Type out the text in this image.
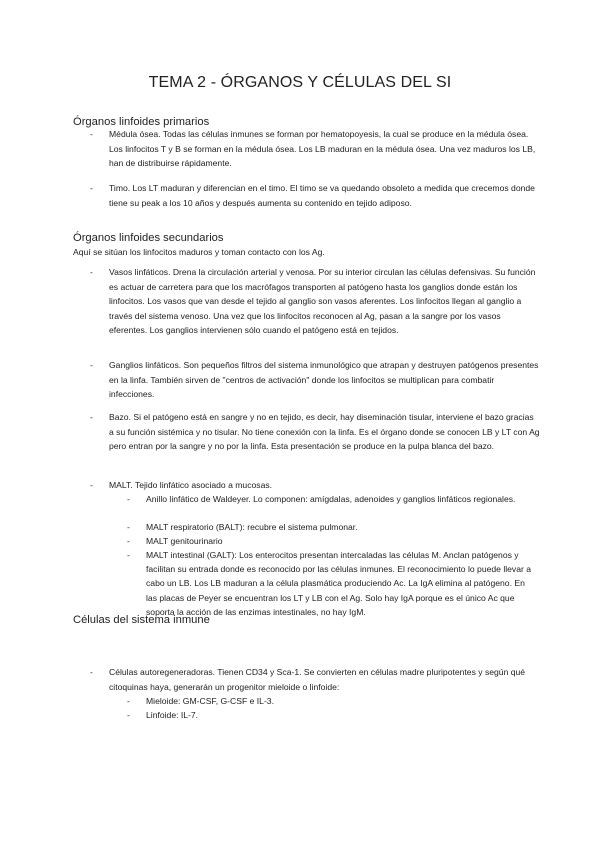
TEMA 2 - ÓRGANOS Y CÉLULAS DEL SI
Órganos linfoides primarios
-	Médula ósea. Todas las células inmunes se forman por hematopoyesis, la cual se produce en la médula ósea. Los linfocitos T y B se forman en la médula ósea. Los LB maduran en la médula ósea. Una vez maduros los LB, han de distribuirse rápidamente.
-	Timo. Los LT maduran y diferencian en el timo. El timo se va quedando obsoleto a medida que crecemos donde tiene su peak a los 10 años y después aumenta su contenido en tejido adiposo.
Órganos linfoides secundarios
Aquí se sitúan los linfocitos maduros y toman contacto con los Ag.
-	Vasos linfáticos. Drena la circulación arterial y venosa. Por su interior circulan las células defensivas. Su función es actuar de carretera para que los macrófagos transporten al patógeno hasta los ganglios donde están los linfocitos. Los vasos que van desde el tejido al ganglio son vasos aferentes. Los linfocitos llegan al ganglio a través del sistema venoso. Una vez que los linfocitos reconocen al Ag, pasan a la sangre por los vasos eferentes. Los ganglios intervienen sólo cuando el patógeno está en tejidos.
-	Ganglios linfáticos. Son pequeños filtros del sistema inmunológico que atrapan y destruyen patógenos presentes en la linfa. También sirven de "centros de activación" donde los linfocitos se multiplican para combatir infecciones.
-	Bazo. Si el patógeno está en sangre y no en tejido, es decir, hay diseminación tisular, interviene el bazo gracias a su función sistémica y no tisular. No tiene conexión con la linfa. Es el órgano donde se conocen LB y LT con Ag pero entran por la sangre y no por la linfa. Esta presentación se produce en la pulpa blanca del bazo.
-	MALT. Tejido linfático asociado a mucosas.
- Anillo linfático de Waldeyer. Lo componen: amígdalas, adenoides y ganglios linfáticos regionales.
- MALT respiratorio (BALT): recubre el sistema pulmonar.
- MALT genitourinario
- MALT intestinal (GALT): Los enterocitos presentan intercaladas las células M. Anclan patógenos y facilitan su entrada donde es reconocido por las células inmunes. El reconocimiento lo puede llevar a cabo un LB. Los LB maduran a la célula plasmática produciendo Ac. La IgA elimina al patógeno. En las placas de Peyer se encuentran los LT y LB con el Ag. Solo hay IgA porque es el único Ac que soporta la acción de las enzimas intestinales, no hay IgM.
Células del sistema inmune
-	Células autoregeneradoras. Tienen CD34 y Sca-1. Se convierten en células madre pluripotentes y según qué citoquinas haya, generarán un progenitor mieloide o linfoide:
- Mieloide: GM-CSF, G-CSF e IL-3.
- Linfoide: IL-7.
